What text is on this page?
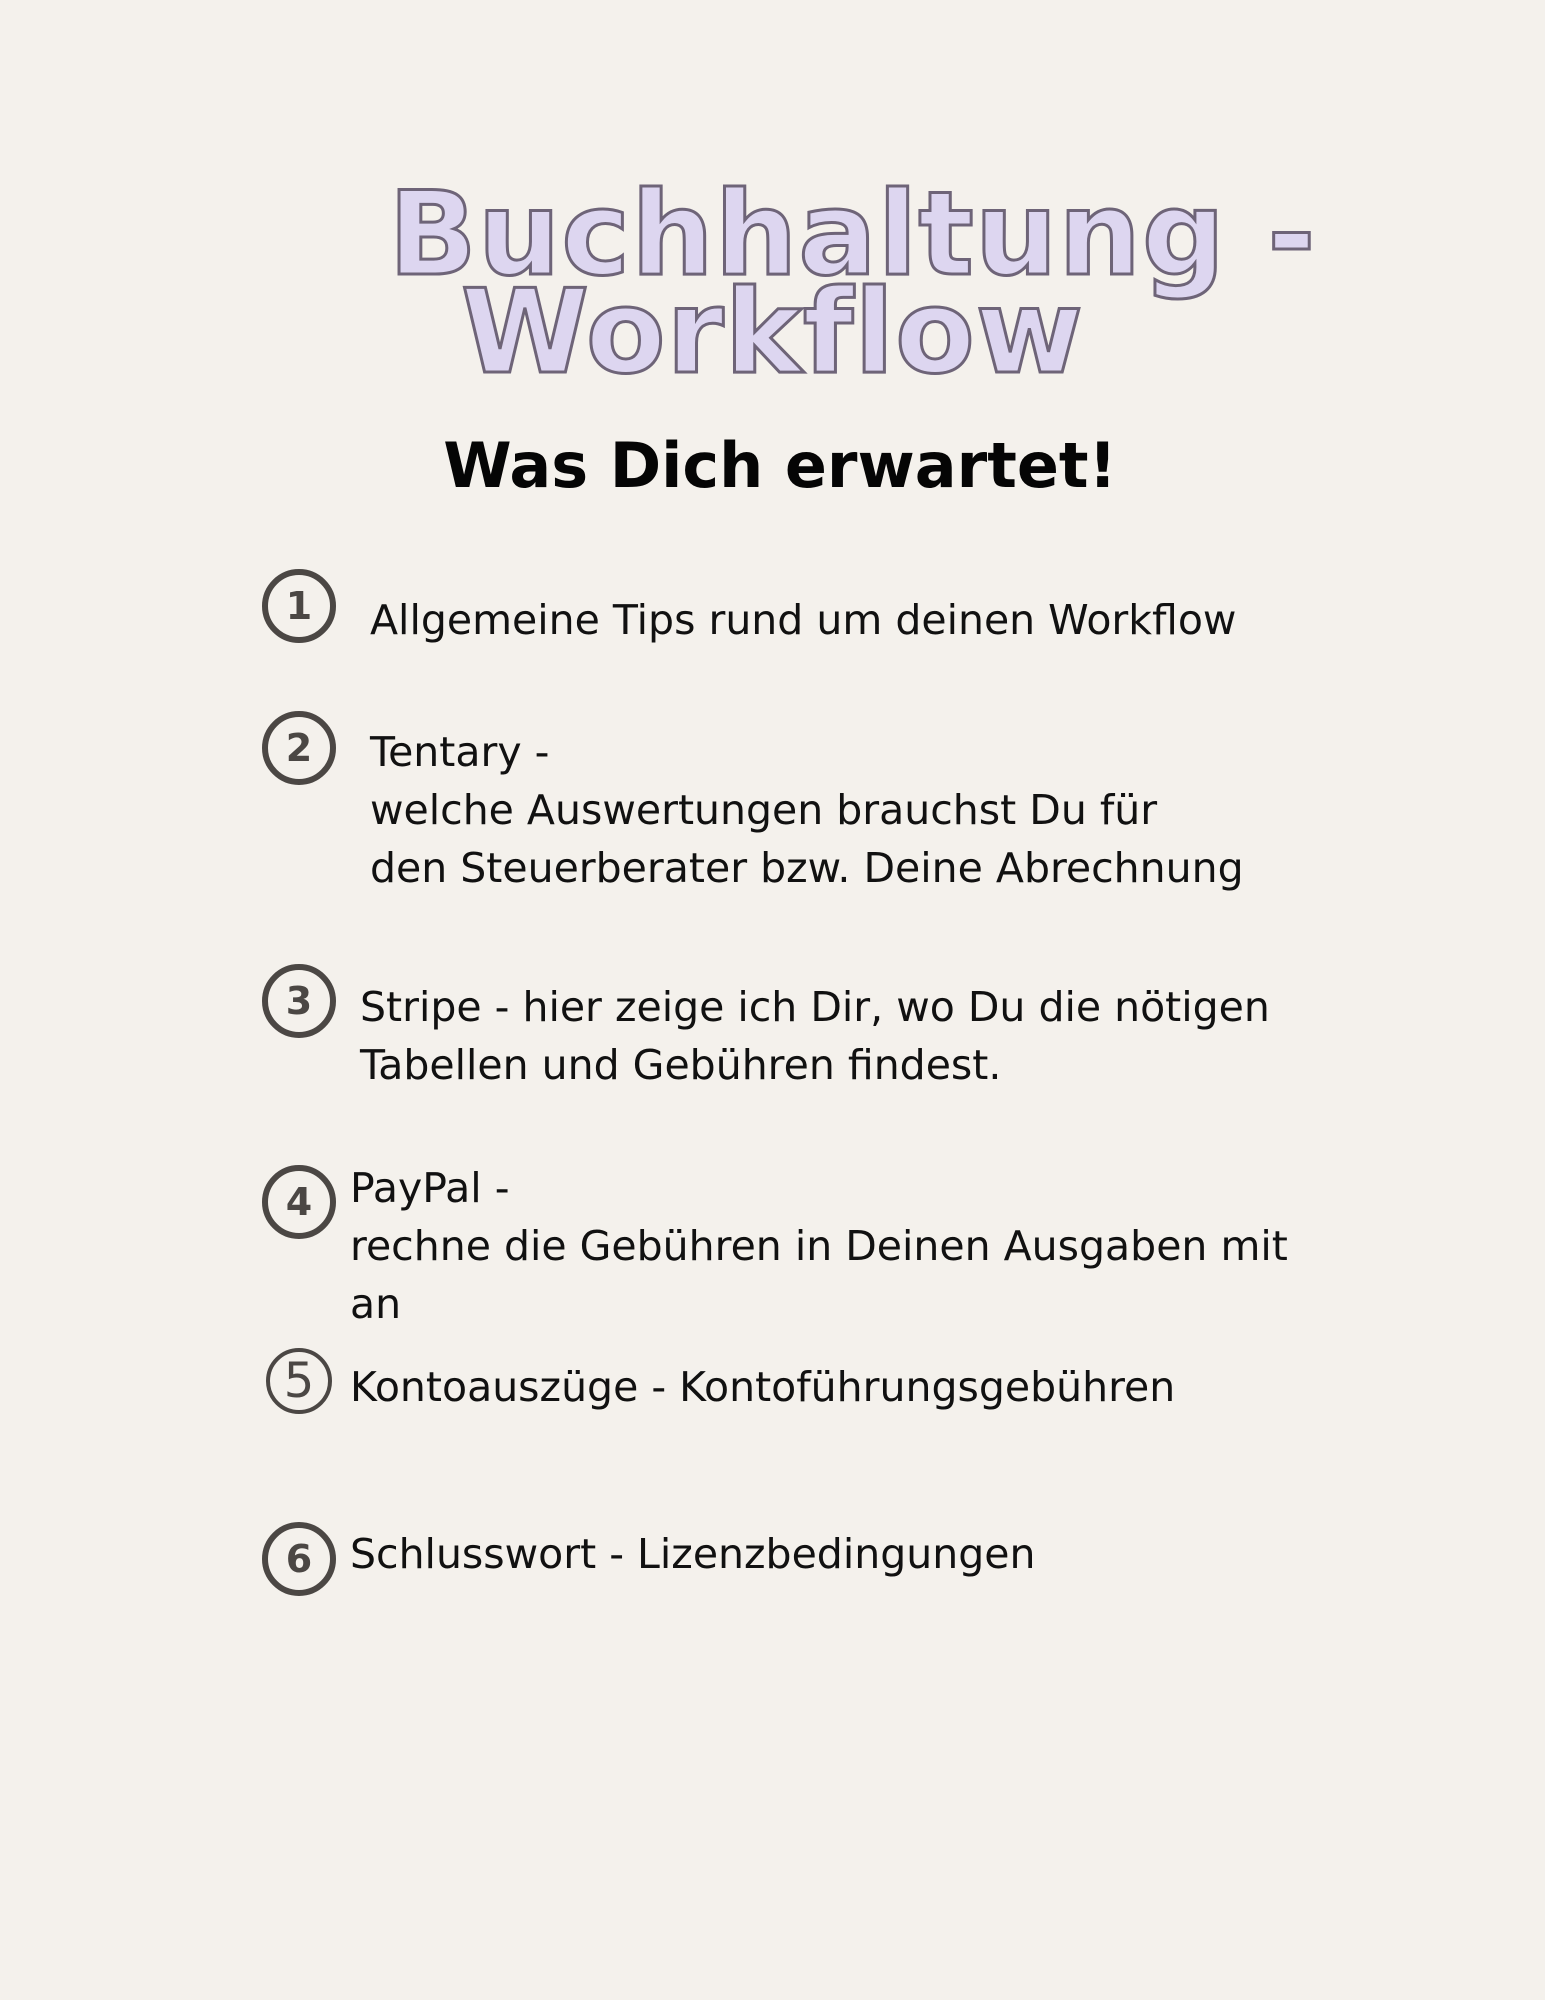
Buchhaltung -
Workflow
Was Dich erwartet!
1 Allgemeine Tips rund um deinen Workflow
2 Tentary -
welche Auswertungen brauchst Du für
den Steuerberater bzw. Deine Abrechnung
3 Stripe - hier zeige ich Dir, wo Du die nötigen
Tabellen und Gebühren findest.
4 PayPal -
rechne die Gebühren in Deinen Ausgaben mit
an
5 Kontoauszüge - Kontoführungsgebühren
6 Schlusswort - Lizenzbedingungen
